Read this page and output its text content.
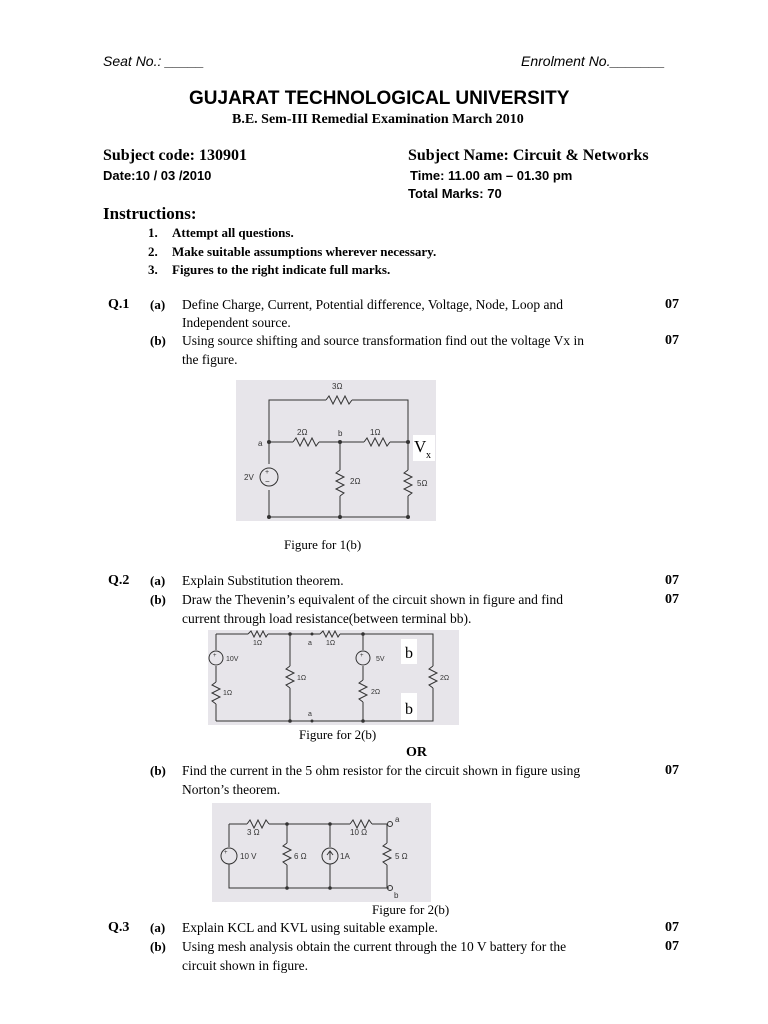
Seat No.: _____	Enrolment No._______
GUJARAT TECHNOLOGICAL UNIVERSITY
B.E. Sem-III Remedial Examination March 2010
Subject code: 130901	Subject Name: Circuit & Networks
Date:10 / 03 /2010	Time: 11.00 am – 01.30 pm
Total Marks: 70
Instructions:
1. Attempt all questions.
2. Make suitable assumptions wherever necessary.
3. Figures to the right indicate full marks.
Q.1 (a) Define Charge, Current, Potential difference, Voltage, Node, Loop and
Independent source.
07
(b) Using source shifting and source transformation find out the voltage Vx in
the figure.
07
+
−
3Ω
2Ω	1Ω
2Ω	5Ω
a
b
2V
V x
Figure for 1(b)
Q.2 (a) Explain Substitution theorem.	07
(b) Draw the Thevenin’s equivalent of the circuit shown in figure and find
current through load resistance(between terminal bb).
07
+	+
1Ω	a 1Ω
10V
1Ω
1Ω
5V
2Ω
2Ω
a
b
b
Figure for 2(b)
OR
(b) Find the current in the 5 ohm resistor for the circuit shown in figure using
Norton’s theorem.
07
+
3 Ω	10 Ω
10 V	6 Ω	1A	5 Ω
a
b
Figure for 2(b)
Q.3 (a) Explain KCL and KVL using suitable example.	07
(b) Using mesh analysis obtain the current through the 10 V battery for the
circuit shown in figure.
07
